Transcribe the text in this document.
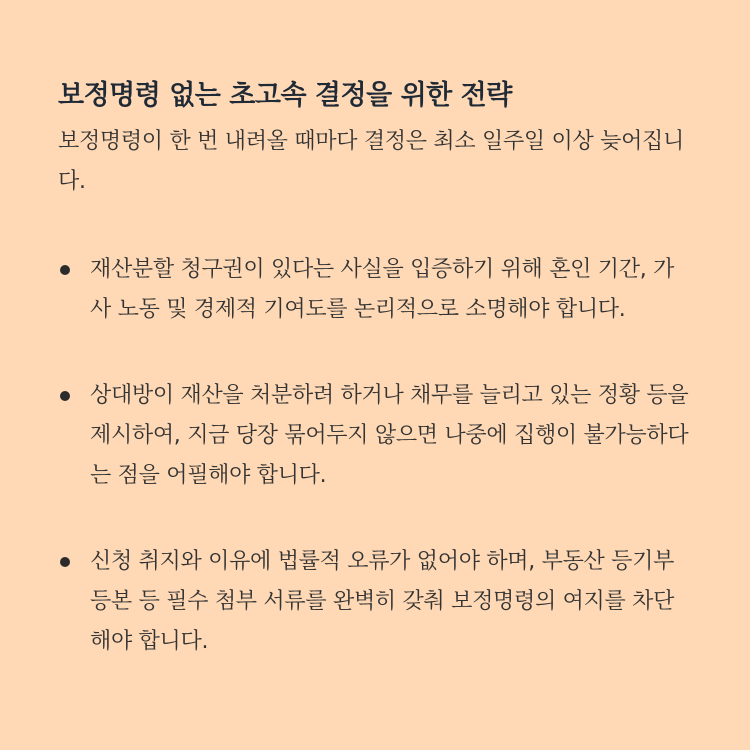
보정명령 없는 초고속 결정을 위한 전략

보정명령이 한 번 내려올 때마다 결정은 최소 일주일 이상 늦어집니다.

재산분할 청구권이 있다는 사실을 입증하기 위해 혼인 기간, 가사 노동 및 경제적 기여도를 논리적으로 소명해야 합니다.
상대방이 재산을 처분하려 하거나 채무를 늘리고 있는 정황 등을 제시하여, 지금 당장 묶어두지 않으면 나중에 집행이 불가능하다는 점을 어필해야 합니다.
신청 취지와 이유에 법률적 오류가 없어야 하며, 부동산 등기부등본 등 필수 첨부 서류를 완벽히 갖춰 보정명령의 여지를 차단해야 합니다.
